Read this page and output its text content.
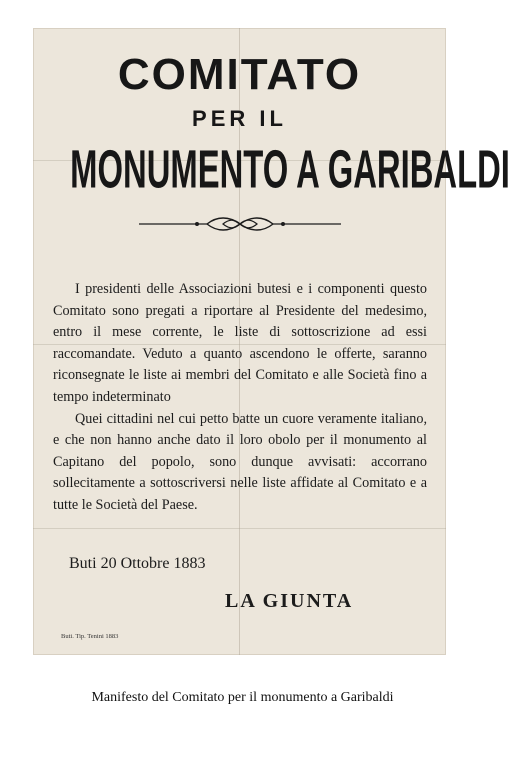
COMITATO
PER IL
MONUMENTO A GARIBALDI

I presidenti delle Associazioni butesi e i componenti questo Comitato sono pregati a riportare al Presidente del medesimo, entro il mese corrente, le liste di sottoscrizione ad essi raccomandate. Veduto a quanto ascendono le offerte, saranno riconsegnate le liste ai membri del Comitato e alle Società fino a tempo indeterminato

Quei cittadini nel cui petto batte un cuore veramente italiano, e che non hanno anche dato il loro obolo per il monumento al Capitano del popolo, sono dunque avvisati: accorrano sollecitamente a sottoscriversi nelle liste affidate al Comitato e a tutte le Società del Paese.

Buti 20 Ottobre 1883
LA GIUNTA
Buti. Tip. Tenini 1883
Manifesto del Comitato per il monumento a Garibaldi
